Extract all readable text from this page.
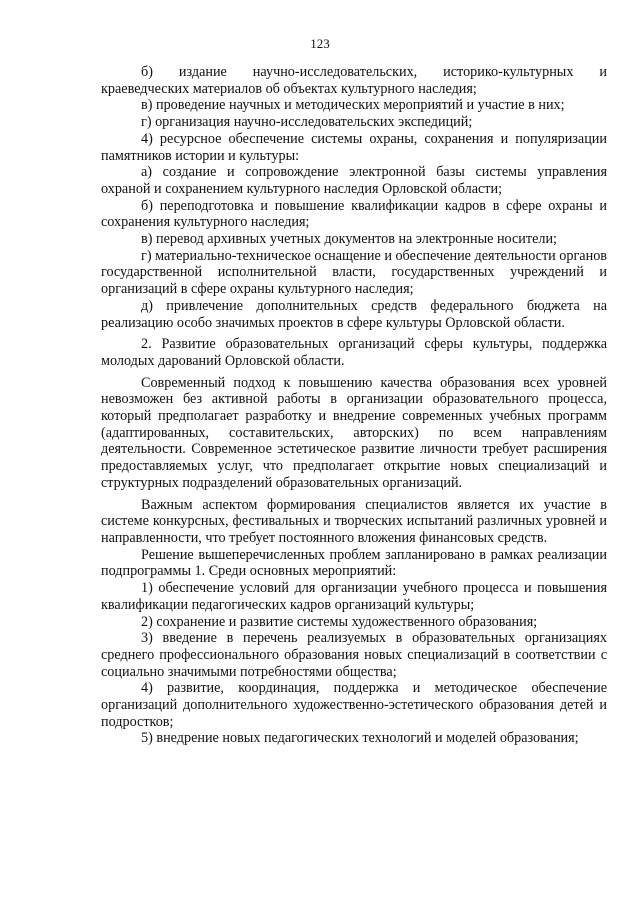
123

б) издание научно-исследовательских, историко-культурных и краеведческих материалов об объектах культурного наследия;

в) проведение научных и методических мероприятий и участие в них;

г) организация научно-исследовательских экспедиций;

4) ресурсное обеспечение системы охраны, сохранения и популяризации памятников истории и культуры:

а) создание и сопровождение электронной базы системы управления охраной и сохранением культурного наследия Орловской области;

б) переподготовка и повышение квалификации кадров в сфере охраны и сохранения культурного наследия;

в) перевод архивных учетных документов на электронные носители;

г) материально-техническое оснащение и обеспечение деятельности органов государственной исполнительной власти, государственных учреждений и организаций в сфере охраны культурного наследия;

д) привлечение дополнительных средств федерального бюджета на реализацию особо значимых проектов в сфере культуры Орловской области.

2. Развитие образовательных организаций сферы культуры, поддержка молодых дарований Орловской области.

Современный подход к повышению качества образования всех уровней невозможен без активной работы в организации образовательного процесса, который предполагает разработку и внедрение современных учебных программ (адаптированных, составительских, авторских) по всем направлениям деятельности. Современное эстетическое развитие личности требует расширения предоставляемых услуг, что предполагает открытие новых специализаций и структурных подразделений образовательных организаций.

Важным аспектом формирования специалистов является их участие в системе конкурсных, фестивальных и творческих испытаний различных уровней и направленности, что требует постоянного вложения финансовых средств.

Решение вышеперечисленных проблем запланировано в рамках реализации подпрограммы 1. Среди основных мероприятий:

1) обеспечение условий для организации учебного процесса и повышения квалификации педагогических кадров организаций культуры;

2) сохранение и развитие системы художественного образования;

3) введение в перечень реализуемых в образовательных организациях среднего профессионального образования новых специализаций в соответствии с социально значимыми потребностями общества;

4) развитие, координация, поддержка и методическое обеспечение организаций дополнительного художественно-эстетического образования детей и подростков;

5) внедрение новых педагогических технологий и моделей образования;
